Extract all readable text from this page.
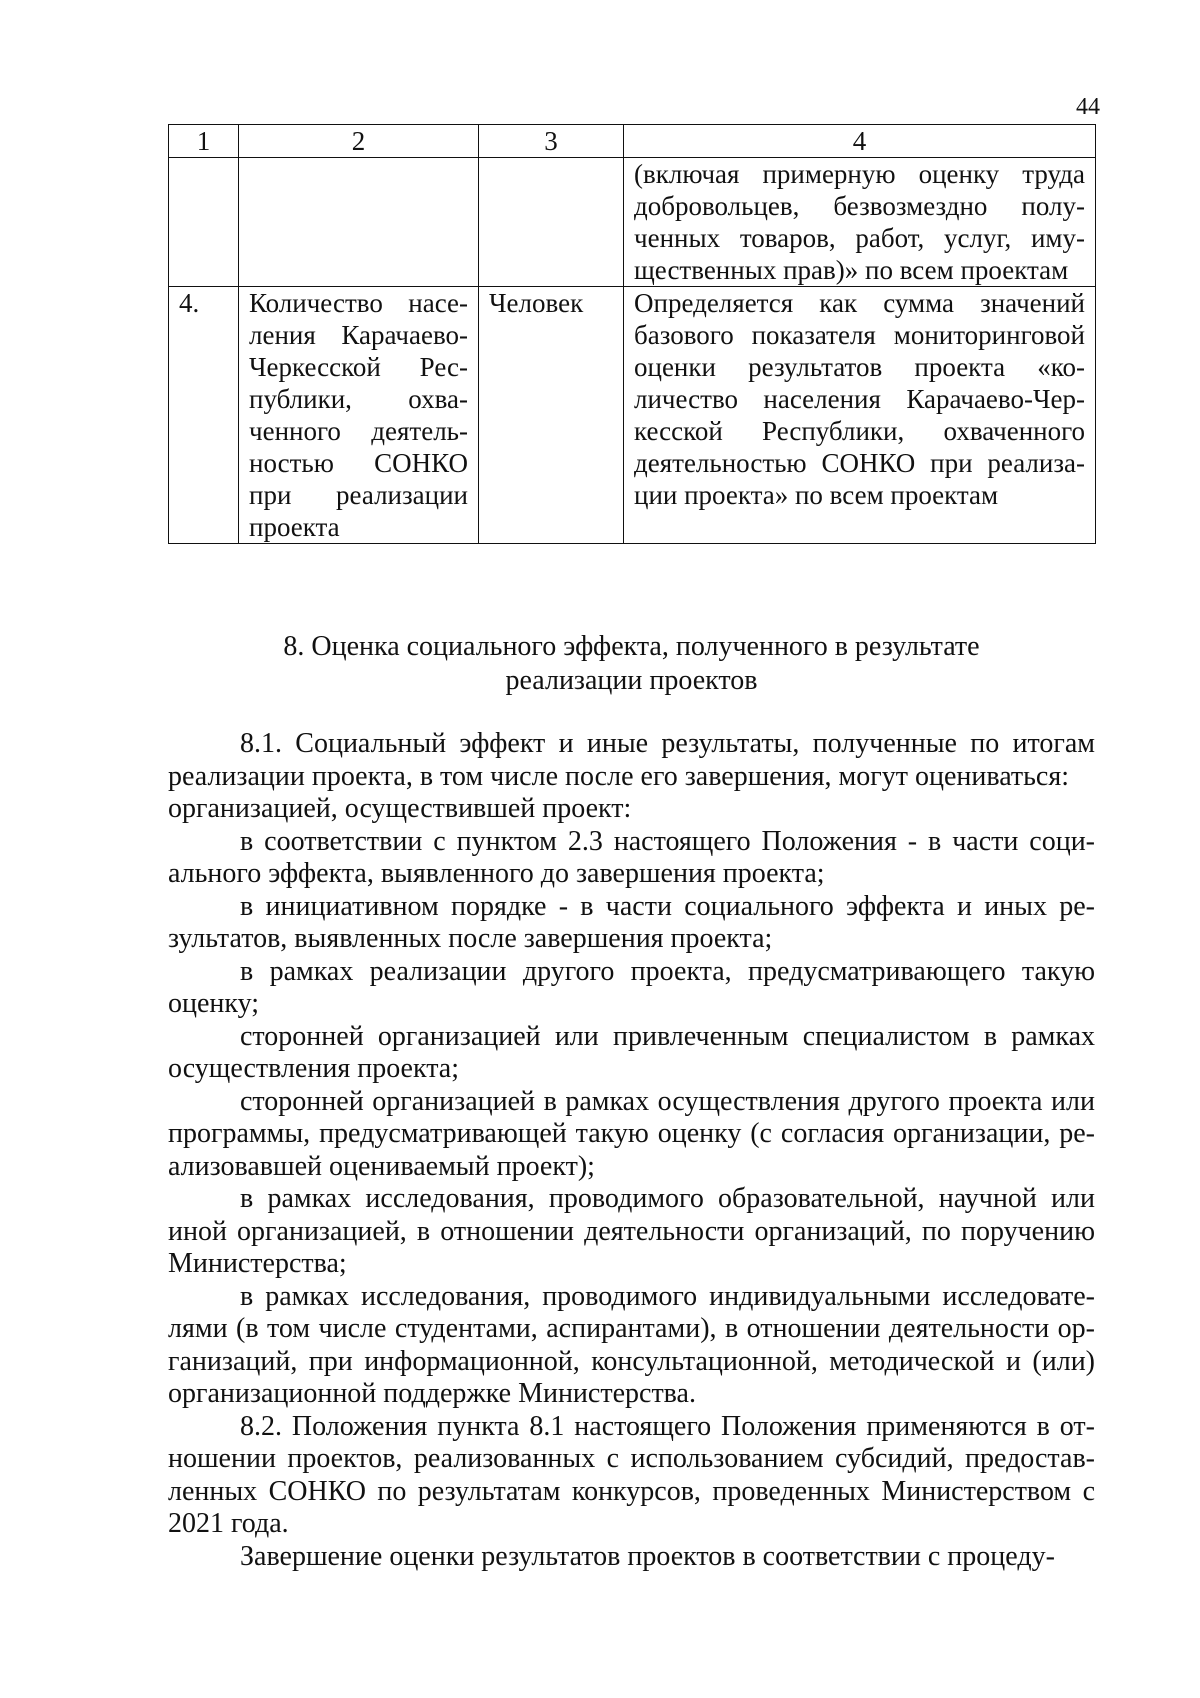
44
1	2	3	4
			(включая примерную оценку труда добровольцев, безвозмездно полученных товаров, работ, услуг, имущественных прав)» по всем проектам
4.	Количество населения Карачаево-Черкесской Республики, охваченного деятельностью СОНКО при реализации проекта	Человек	Определяется как сумма значений базового показателя мониторинговой оценки результатов проекта «количество населения Карачаево-Черкесской Республики, охваченного деятельностью СОНКО при реализации проекта» по всем проектам
8. Оценка социального эффекта, полученного в результате
реализации проектов

8.1. Социальный эффект и иные результаты, полученные по итогам реализации проекта, в том числе после его завершения, могут оцениваться:

организацией, осуществившей проект:

в соответствии с пунктом 2.3 настоящего Положения - в части социального эффекта, выявленного до завершения проекта;

в инициативном порядке - в части социального эффекта и иных результатов, выявленных после завершения проекта;

в рамках реализации другого проекта, предусматривающего такую оценку;

сторонней организацией или привлеченным специалистом в рамках осуществления проекта;

сторонней организацией в рамках осуществления другого проекта или программы, предусматривающей такую оценку (с согласия организации, реализовавшей оцениваемый проект);

в рамках исследования, проводимого образовательной, научной или иной организацией, в отношении деятельности организаций, по поручению Министерства;

в рамках исследования, проводимого индивидуальными исследователями (в том числе студентами, аспирантами), в отношении деятельности организаций, при информационной, консультационной, методической и (или) организационной поддержке Министерства.

8.2. Положения пункта 8.1 настоящего Положения применяются в отношении проектов, реализованных с использованием субсидий, предоставленных СОНКО по результатам конкурсов, проведенных Министерством с 2021 года.

Завершение оценки результатов проектов в соответствии с процеду-
